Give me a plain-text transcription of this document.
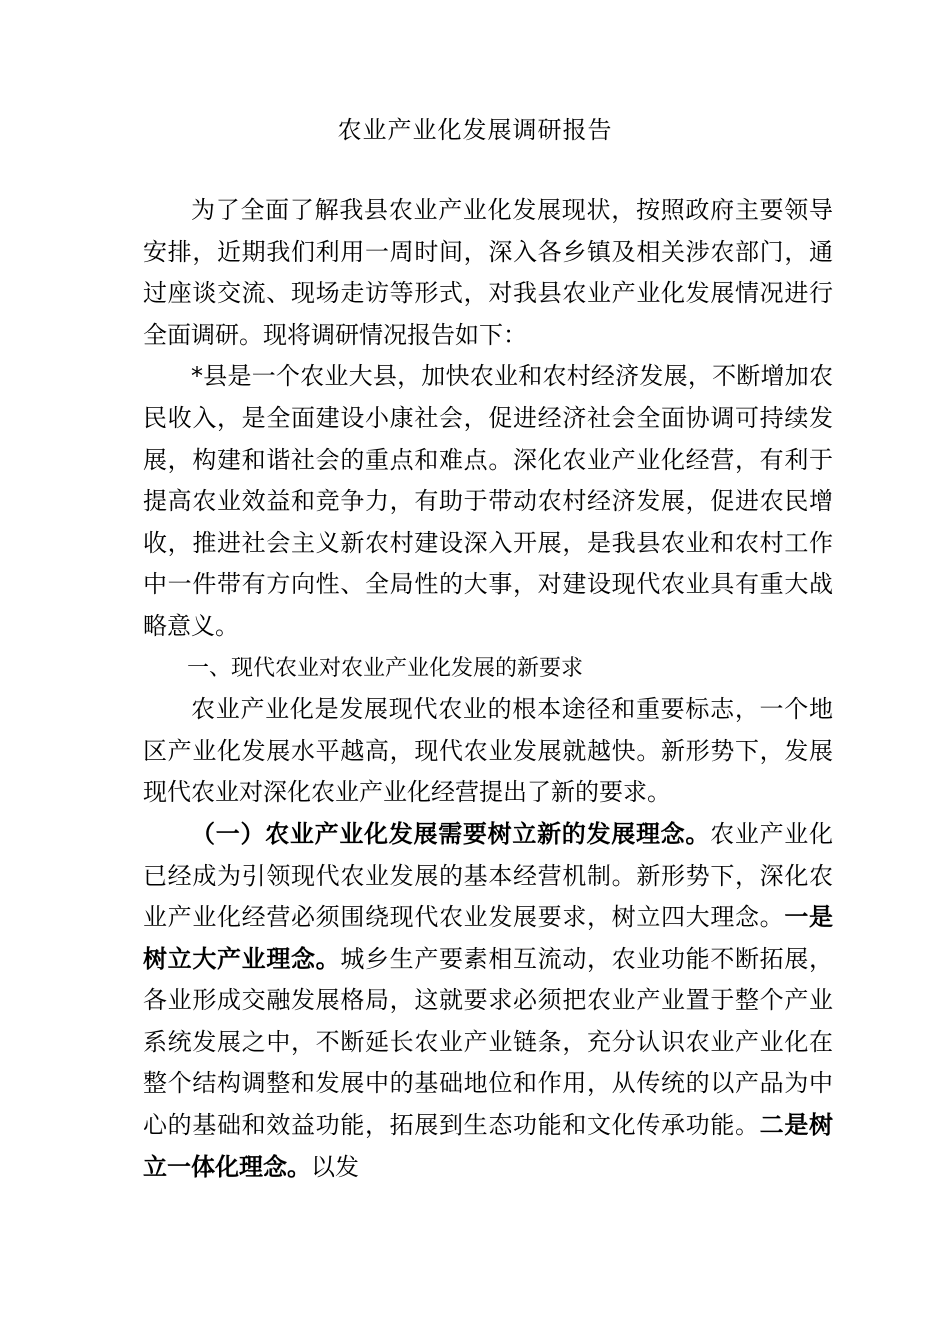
农业产业化发展调研报告

为了全面了解我县农业产业化发展现状，按照政府主要领导安排，近期我们利用一周时间，深入各乡镇及相关涉农部门，通过座谈交流、现场走访等形式，对我县农业产业化发展情况进行全面调研。现将调研情况报告如下：

*县是一个农业大县，加快农业和农村经济发展，不断增加农民收入，是全面建设小康社会，促进经济社会全面协调可持续发展，构建和谐社会的重点和难点。深化农业产业化经营，有利于提高农业效益和竞争力，有助于带动农村经济发展，促进农民增收，推进社会主义新农村建设深入开展，是我县农业和农村工作中一件带有方向性、全局性的大事，对建设现代农业具有重大战略意义。

一、现代农业对农业产业化发展的新要求

农业产业化是发展现代农业的根本途径和重要标志，一个地区产业化发展水平越高，现代农业发展就越快。新形势下，发展现代农业对深化农业产业化经营提出了新的要求。

（一）农业产业化发展需要树立新的发展理念。农业产业化已经成为引领现代农业发展的基本经营机制。新形势下，深化农业产业化经营必须围绕现代农业发展要求，树立四大理念。一是树立大产业理念。城乡生产要素相互流动，农业功能不断拓展，各业形成交融发展格局，这就要求必须把农业产业置于整个产业系统发展之中，不断延长农业产业链条，充分认识农业产业化在整个结构调整和发展中的基础地位和作用，从传统的以产品为中心的基础和效益功能，拓展到生态功能和文化传承功能。二是树立一体化理念。以发
